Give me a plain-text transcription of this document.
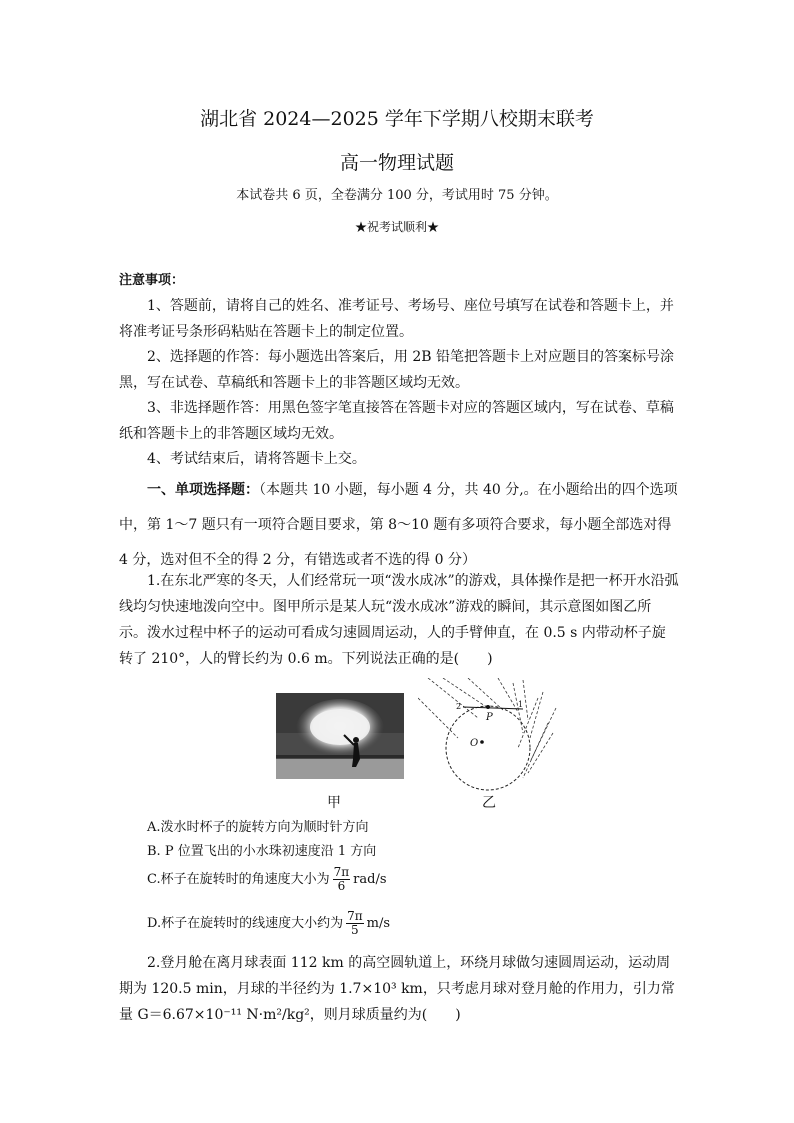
湖北省 2024—2025 学年下学期八校期末联考
高一物理试题
本试卷共 6 页，全卷满分 100 分，考试用时 75 分钟。
★祝考试顺利★
注意事项：
1、答题前，请将自己的姓名、准考证号、考场号、座位号填写在试卷和答题卡上，并将准考证号条形码粘贴在答题卡上的制定位置。
2、选择题的作答：每小题选出答案后，用 2B 铅笔把答题卡上对应题目的答案标号涂黑，写在试卷、草稿纸和答题卡上的非答题区域均无效。
3、非选择题作答：用黑色签字笔直接答在答题卡对应的答题区域内，写在试卷、草稿纸和答题卡上的非答题区域均无效。
4、考试结束后，请将答题卡上交。
一、单项选择题：（本题共 10 小题，每小题 4 分，共 40 分,。在小题给出的四个选项中，第 1～7 题只有一项符合题目要求，第 8～10 题有多项符合要求，每小题全部选对得 4 分，选对但不全的得 2 分，有错选或者不选的得 0 分）
1.在东北严寒的冬天，人们经常玩一项“泼水成冰”的游戏，具体操作是把一杯开水沿弧线均匀快速地泼向空中。图甲所示是某人玩“泼水成冰”游戏的瞬间，其示意图如图乙所示。泼水过程中杯子的运动可看成匀速圆周运动，人的手臂伸直，在 0.5 s 内带动杯子旋转了 210°，人的臂长约为 0.6 m。下列说法正确的是(　　)
P
O
2	1
甲	乙
A.泼水时杯子的旋转方向为顺时针方向
B. P 位置飞出的小水珠初速度沿 1 方向
C.杯子在旋转时的角速度大小为 $\frac{7\pi}{6} rad/s$
D.杯子在旋转时的线速度大小约为 $\frac{7\pi}{5} m/s$
2.登月舱在离月球表面 112 km 的高空圆轨道上，环绕月球做匀速圆周运动，运动周期为 120.5 min，月球的半径约为 1.7×10³ km，只考虑月球对登月舱的作用力，引力常量 G＝6.67×10⁻¹¹ N·m²/kg²，则月球质量约为(　　)
